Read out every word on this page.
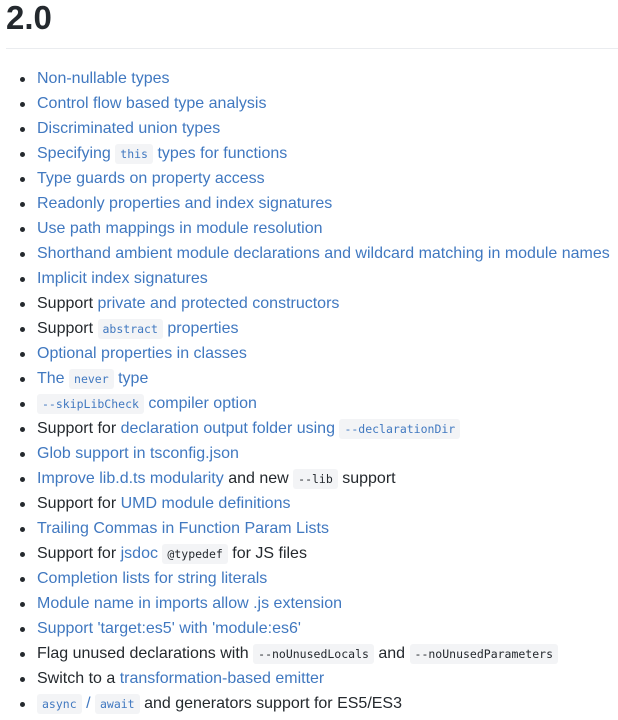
2.0
Non-nullable types
Control flow based type analysis
Discriminated union types
Specifying this types for functions
Type guards on property access
Readonly properties and index signatures
Use path mappings in module resolution
Shorthand ambient module declarations and wildcard matching in module names
Implicit index signatures
Support private and protected constructors
Support abstract properties
Optional properties in classes
The never type
--skipLibCheck compiler option
Support for declaration output folder using --declarationDir
Glob support in tsconfig.json
Improve lib.d.ts modularity and new --lib support
Support for UMD module definitions
Trailing Commas in Function Param Lists
Support for jsdoc @typedef for JS files
Completion lists for string literals
Module name in imports allow .js extension
Support 'target:es5' with 'module:es6'
Flag unused declarations with --noUnusedLocals and --noUnusedParameters
Switch to a transformation-based emitter
async / await and generators support for ES5/ES3
